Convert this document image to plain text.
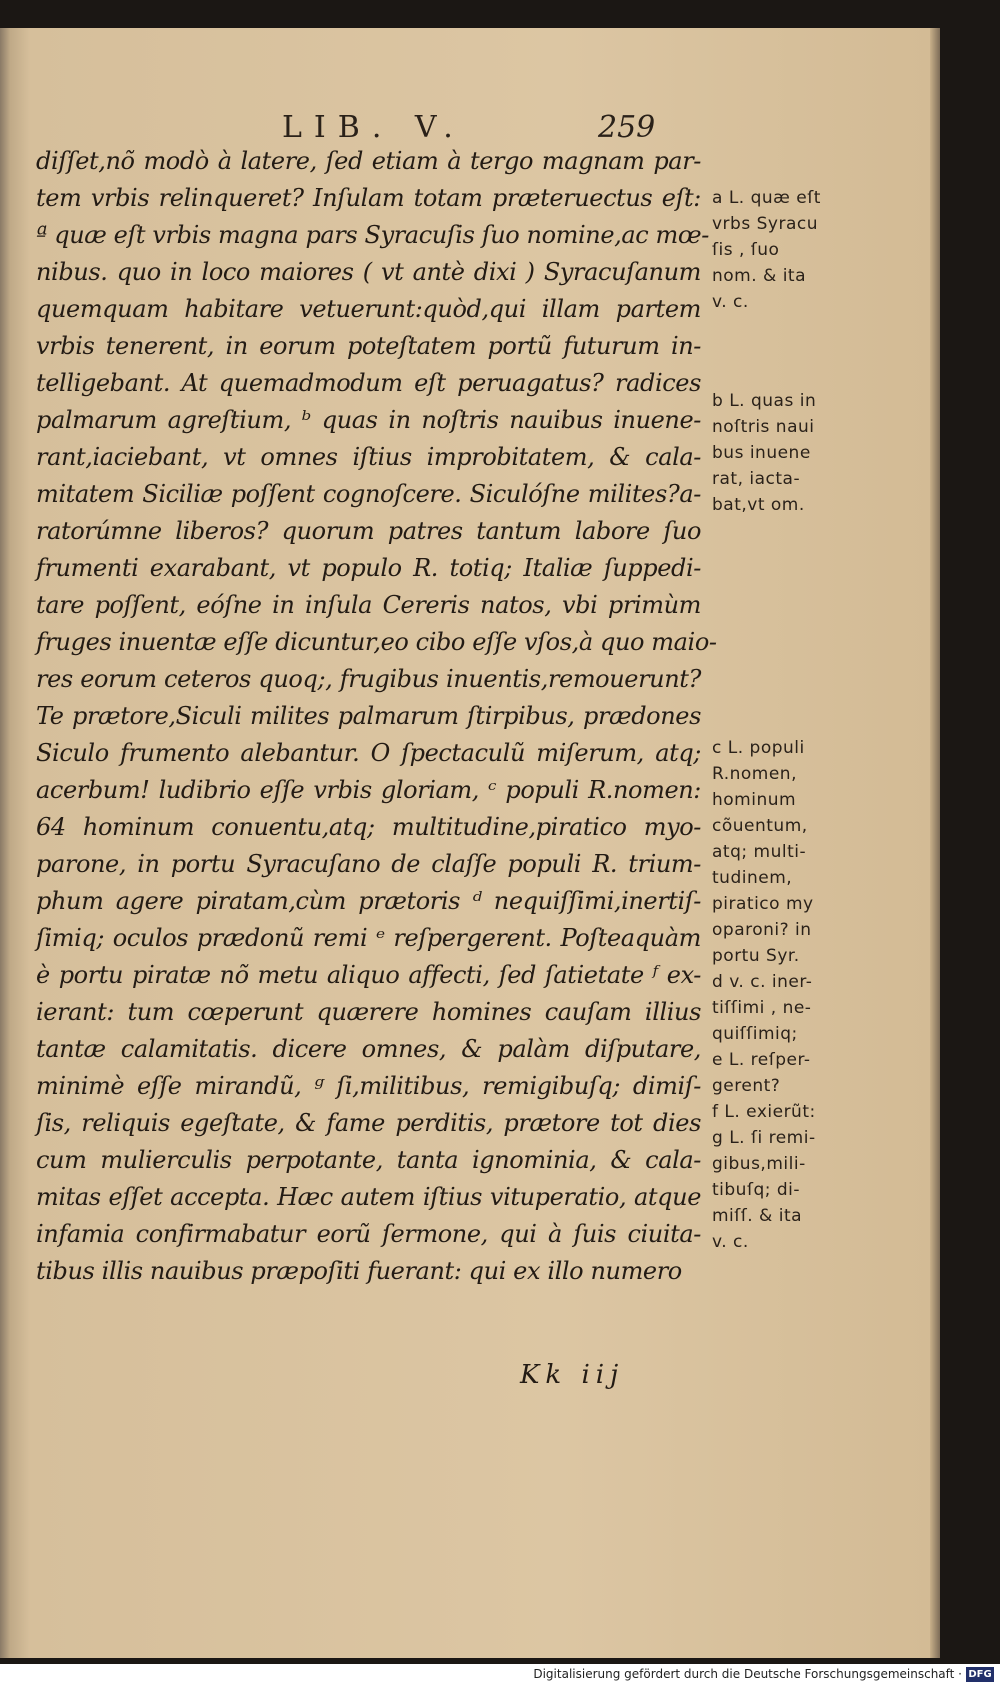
LIB. V.	259
diſſet,nõ modò à latere, ſed etiam à tergo magnam par-
tem vrbis relinqueret? Inſulam totam præteruectus eſt:
ª quæ eſt vrbis magna pars Syracuſis ſuo nomine,ac mœ-
nibus. quo in loco maiores ( vt antè dixi ) Syracuſanum
quemquam habitare vetuerunt:quòd,qui illam partem
vrbis tenerent, in eorum poteſtatem portũ futurum in-
telligebant. At quemadmodum eſt peruagatus? radices
palmarum agreſtium, ᵇ quas in noſtris nauibus inuene-
rant,iaciebant, vt omnes iſtius improbitatem, & cala-
mitatem Siciliæ poſſent cognoſcere. Siculóſne milites?a-
ratorúmne liberos? quorum patres tantum labore ſuo
frumenti exarabant, vt populo R. totiq; Italiæ ſuppedi-
tare poſſent, eóſne in inſula Cereris natos, vbi primùm
fruges inuentæ eſſe dicuntur,eo cibo eſſe vſos,à quo maio-
res eorum ceteros quoq;, frugibus inuentis,remouerunt?
Te prætore,Siculi milites palmarum ſtirpibus, prædones
Siculo frumento alebantur. O ſpectaculũ miſerum, atq;
acerbum! ludibrio eſſe vrbis gloriam, ᶜ populi R.nomen:
64 hominum conuentu,atq; multitudine,piratico myo-
parone, in portu Syracuſano de claſſe populi R. trium-
phum agere piratam,cùm prætoris ᵈ nequiſſimi,inertiſ-
ſimiq; oculos prædonũ remi ᵉ reſpergerent. Poſteaquàm
è portu piratæ nõ metu aliquo affecti, ſed ſatietate ᶠ ex-
ierant: tum cœperunt quærere homines cauſam illius
tantæ calamitatis. dicere omnes, & palàm diſputare,
minimè eſſe mirandũ, ᵍ ſi,militibus, remigibuſq; dimiſ-
ſis, reliquis egeſtate, & fame perditis, prætore tot dies
cum mulierculis perpotante, tanta ignominia, & cala-
mitas eſſet accepta. Hæc autem iſtius vituperatio, atque
infamia confirmabatur eorũ ſermone, qui à ſuis ciuita-
tibus illis nauibus præpoſiti fuerant: qui ex illo numero
a L. quæ eſt
vrbs Syracu
ſis , ſuo
nom. & ita
v. c.
b L. quas in
noſtris naui
bus inuene
rat, iacta-
bat,vt om.
c L. populi
R.nomen,
hominum
cõuentum,
atq; multi-
tudinem,
piratico my
oparoni? in
portu Syr.
d v. c. iner-
tiſſimi , ne-
quiſſimiq;
e L. reſper-
gerent?
f L. exierũt:
g L. ſi remi-
gibus,mili-
tibuſq; di-
miſſ. & ita
v. c.
Kk iij
Digitalisierung gefördert durch die Deutsche Forschungsgemeinschaft · DFG
